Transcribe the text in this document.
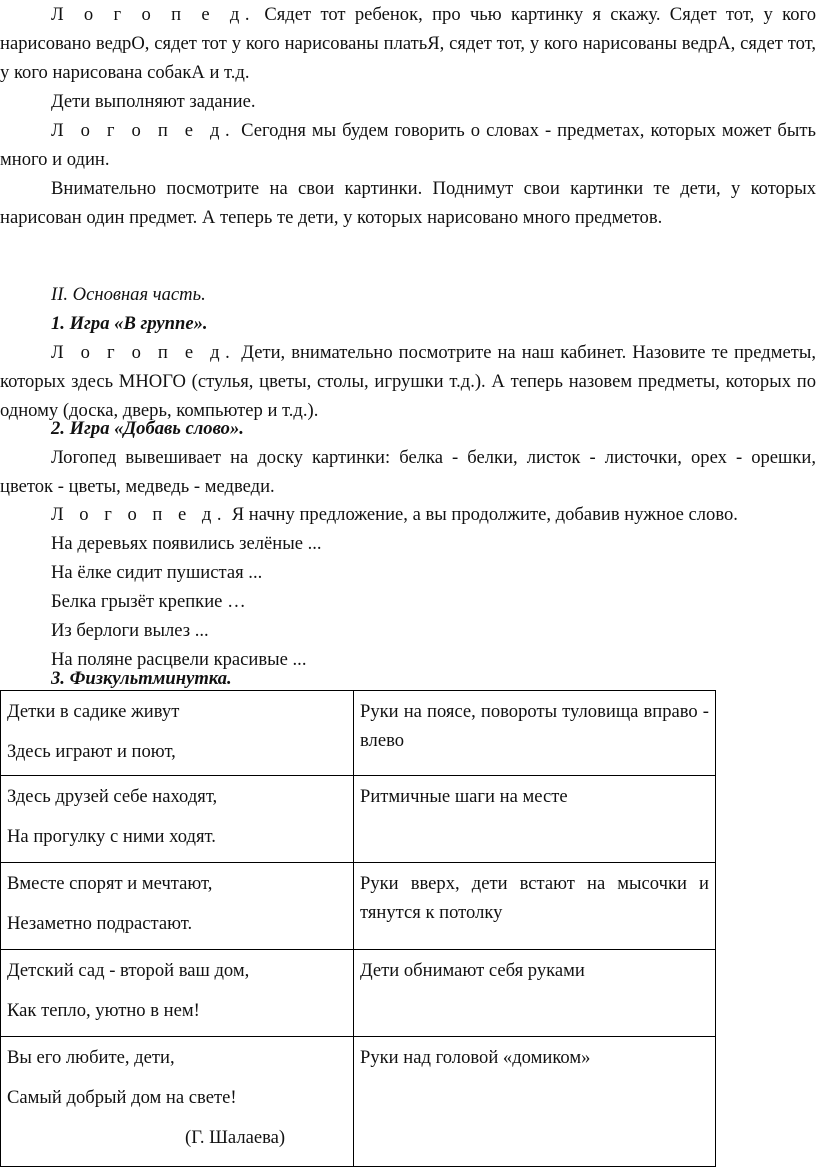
Л о г о п е д. Сядет тот ребенок, про чью картинку я скажу. Сядет тот, у кого нарисовано ведрО, сядет тот у кого нарисованы платьЯ, сядет тот, у кого нарисованы ведрА, сядет тот, у кого нарисована собакА и т.д.
Дети выполняют задание.
Л о г о п е д. Сегодня мы будем говорить о словах - предметах, которых может быть много и один.
Внимательно посмотрите на свои картинки. Поднимут свои картинки те дети, у которых нарисован один предмет. А теперь те дети, у которых нарисовано много предметов.
II. Основная часть.
1. Игра «В группе».
Л о г о п е д. Дети, внимательно посмотрите на наш кабинет. Назовите те предметы, которых здесь МНОГО (стулья, цветы, столы, игрушки т.д.). А теперь назовем предметы, которых по одному (доска, дверь, компьютер и т.д.).
2. Игра «Добавь слово».
Логопед вывешивает на доску картинки: белка - белки, листок - листочки, орех - орешки, цветок - цветы, медведь - медведи.
Л о г о п е д. Я начну предложение, а вы продолжите, добавив нужное слово.
На деревьях появились зелёные ...
На ёлке сидит пушистая ...
Белка грызёт крепкие …
Из берлоги вылез ...
На поляне расцвели красивые ...
3. Физкультминутка.
Детки в садике живут
Здесь играют и поют,	Руки на поясе, повороты туловища вправо - влево

Здесь друзей себе находят,
На прогулку с ними ходят.	Ритмичные шаги на месте

Вместе спорят и мечтают,
Незаметно подрастают.	Руки вверх, дети встают на мысочки и тянутся к потолку

Детский сад - второй ваш дом,
Как тепло, уютно в нем!	Дети обнимают себя руками

Вы его любите, дети,
Самый добрый дом на свете!
(Г. Шалаева)	Руки над головой «домиком»
